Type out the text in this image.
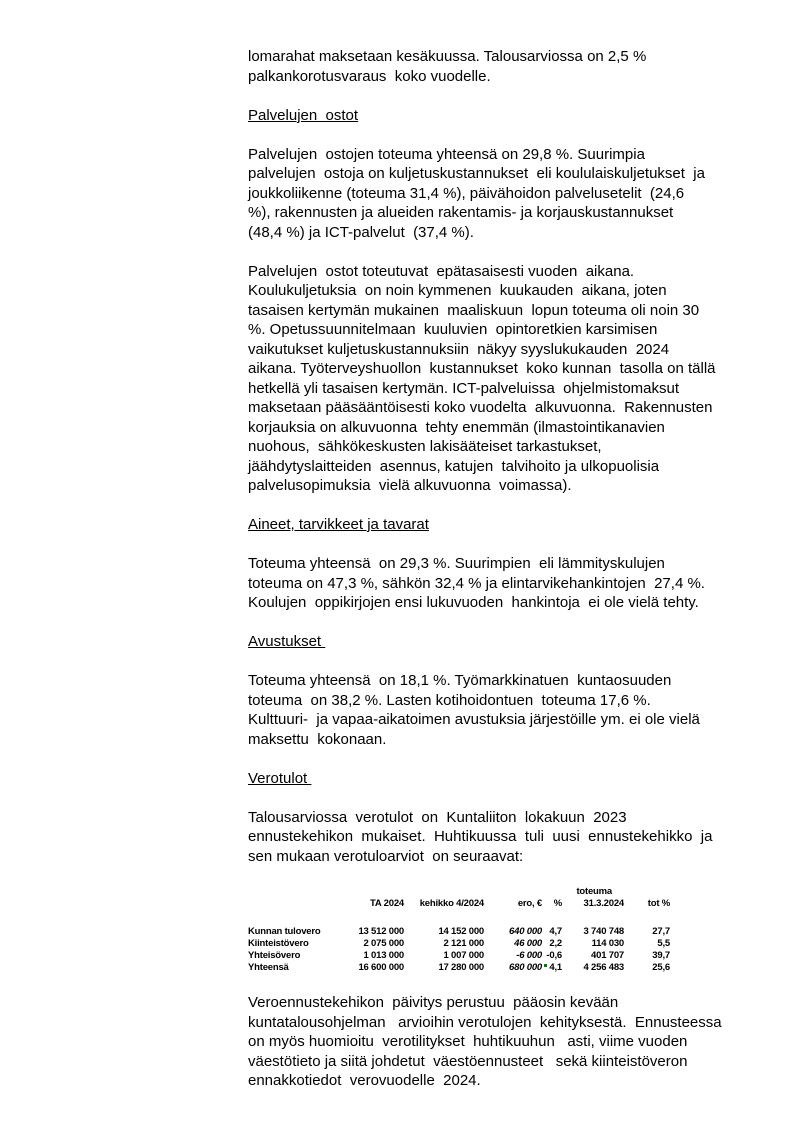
lomarahat maksetaan kesäkuussa. Talousarviossa on 2,5 %
palkankorotusvaraus  koko vuodelle.
Palvelujen  ostot
Palvelujen  ostojen toteuma yhteensä on 29,8 %. Suurimpia
palvelujen  ostoja on kuljetuskustannukset  eli koululaiskuljetukset  ja
joukkoliikenne (toteuma 31,4 %), päivähoidon palvelusetelit  (24,6
%), rakennusten ja alueiden rakentamis- ja korjauskustannukset
(48,4 %) ja ICT-palvelut  (37,4 %).
Palvelujen  ostot toteutuvat  epätasaisesti vuoden  aikana.
Koulukuljetuksia  on noin kymmenen  kuukauden  aikana, joten
tasaisen kertymän mukainen  maaliskuun  lopun toteuma oli noin 30
%. Opetussuunnitelmaan  kuuluvien  opintoretkien karsimisen
vaikutukset kuljetuskustannuksiin  näkyy syyslukukauden  2024
aikana. Työterveyshuollon  kustannukset  koko kunnan  tasolla on tällä
hetkellä yli tasaisen kertymän. ICT-palveluissa  ohjelmistomaksut
maksetaan pääsääntöisesti koko vuodelta  alkuvuonna.  Rakennusten
korjauksia on alkuvuonna  tehty enemmän (ilmastointikanavien
nuohous,  sähkökeskusten lakisääteiset tarkastukset,
jäähdytyslaitteiden  asennus, katujen  talvihoito ja ulkopuolisia
palvelusopimuksia  vielä alkuvuonna  voimassa).
Aineet, tarvikkeet ja tavarat
Toteuma yhteensä  on 29,3 %. Suurimpien  eli lämmityskulujen
toteuma on 47,3 %, sähkön 32,4 % ja elintarvikehankintojen  27,4 %.
Koulujen  oppikirjojen ensi lukuvuoden  hankintoja  ei ole vielä tehty.
Avustukset
Toteuma yhteensä  on 18,1 %. Työmarkkinatuen  kuntaosuuden
toteuma  on 38,2 %. Lasten kotihoidontuen  toteuma 17,6 %.
Kulttuuri-  ja vapaa-aikatoimen avustuksia järjestöille ym. ei ole vielä
maksettu  kokonaan.
Verotulot
Talousarviossa  verotulot  on  Kuntaliiton  lokakuun  2023
ennustekehikon  mukaiset.  Huhtikuussa  tuli  uusi  ennustekehikko  ja
sen mukaan verotuloarviot  on seuraavat:
					toteuma	
	TA 2024	kehikko 4/2024	ero, €	%	31.3.2024	tot %

Kunnan tulovero	13 512 000	14 152 000	640 000	4,7	3 740 748	27,7
Kiinteistövero	2 075 000	2 121 000	46 000	2,2	114 030	5,5
Yhteisövero	1 013 000	1 007 000	-6 000	-0,6	401 707	39,7
Yhteensä	16 600 000	17 280 000	680 000	4,1	4 256 483	25,6
Veroennustekehikon  päivitys perustuu  pääosin kevään
kuntatalousohjelman   arvioihin verotulojen  kehityksestä.  Ennusteessa
on myös huomioitu  verotilitykset  huhtikuuhun   asti, viime vuoden
väestötieto ja siitä johdetut  väestöennusteet   sekä kiinteistöveron
ennakkotiedot  verovuodelle  2024.
